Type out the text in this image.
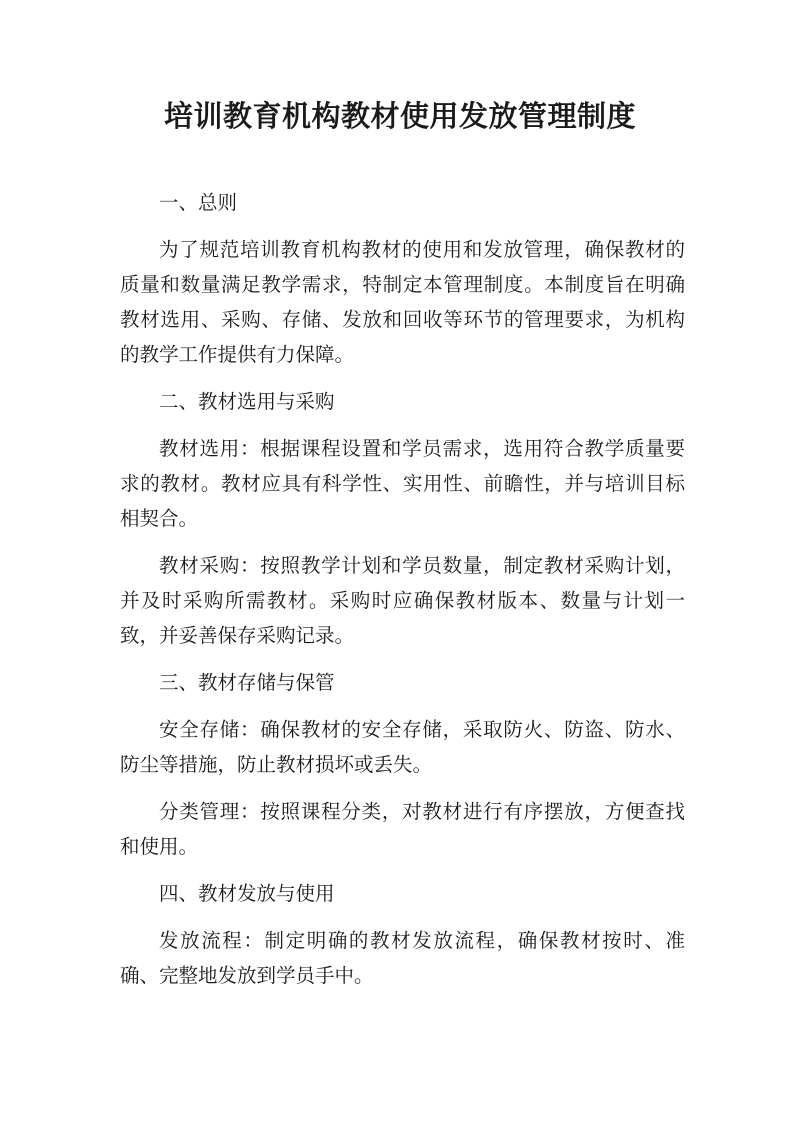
培训教育机构教材使用发放管理制度

一、总则

为了规范培训教育机构教材的使用和发放管理，确保教材的质量和数量满足教学需求，特制定本管理制度。本制度旨在明确教材选用、采购、存储、发放和回收等环节的管理要求，为机构的教学工作提供有力保障。

二、教材选用与采购

教材选用：根据课程设置和学员需求，选用符合教学质量要求的教材。教材应具有科学性、实用性、前瞻性，并与培训目标相契合。

教材采购：按照教学计划和学员数量，制定教材采购计划，并及时采购所需教材。采购时应确保教材版本、数量与计划一致，并妥善保存采购记录。

三、教材存储与保管

安全存储：确保教材的安全存储，采取防火、防盗、防水、防尘等措施，防止教材损坏或丢失。

分类管理：按照课程分类，对教材进行有序摆放，方便查找和使用。

四、教材发放与使用

发放流程：制定明确的教材发放流程，确保教材按时、准确、完整地发放到学员手中。
